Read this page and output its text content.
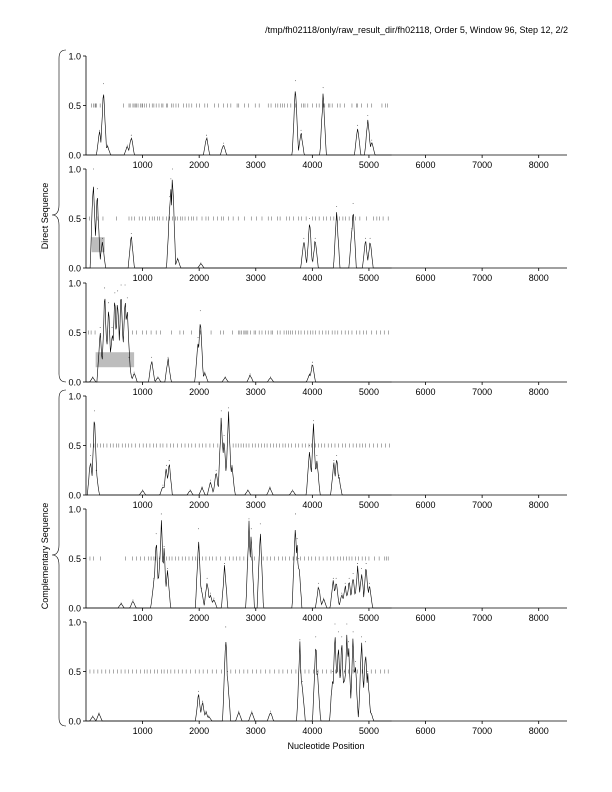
/tmp/fh02118/only/raw_result_dir/fh02118, Order 5, Window 96, Step 12, 2/2
0.0
0.5
1.0
1000	2000	3000	4000	5000	6000	7000	8000
0.0
0.5
1.0
1000	2000	3000	4000	5000	6000	7000	8000
0.0
0.5
1.0
1000	2000	3000	4000	5000	6000	7000	8000
0.0
0.5
1.0
1000	2000	3000	4000	5000	6000	7000	8000
0.0
0.5
1.0
1000	2000	3000	4000	5000	6000	7000	8000
0.0
0.5
1.0
1000	2000	3000	4000	5000	6000	7000	8000
Direct Sequence
Complementary Sequence
Nucleotide Position
